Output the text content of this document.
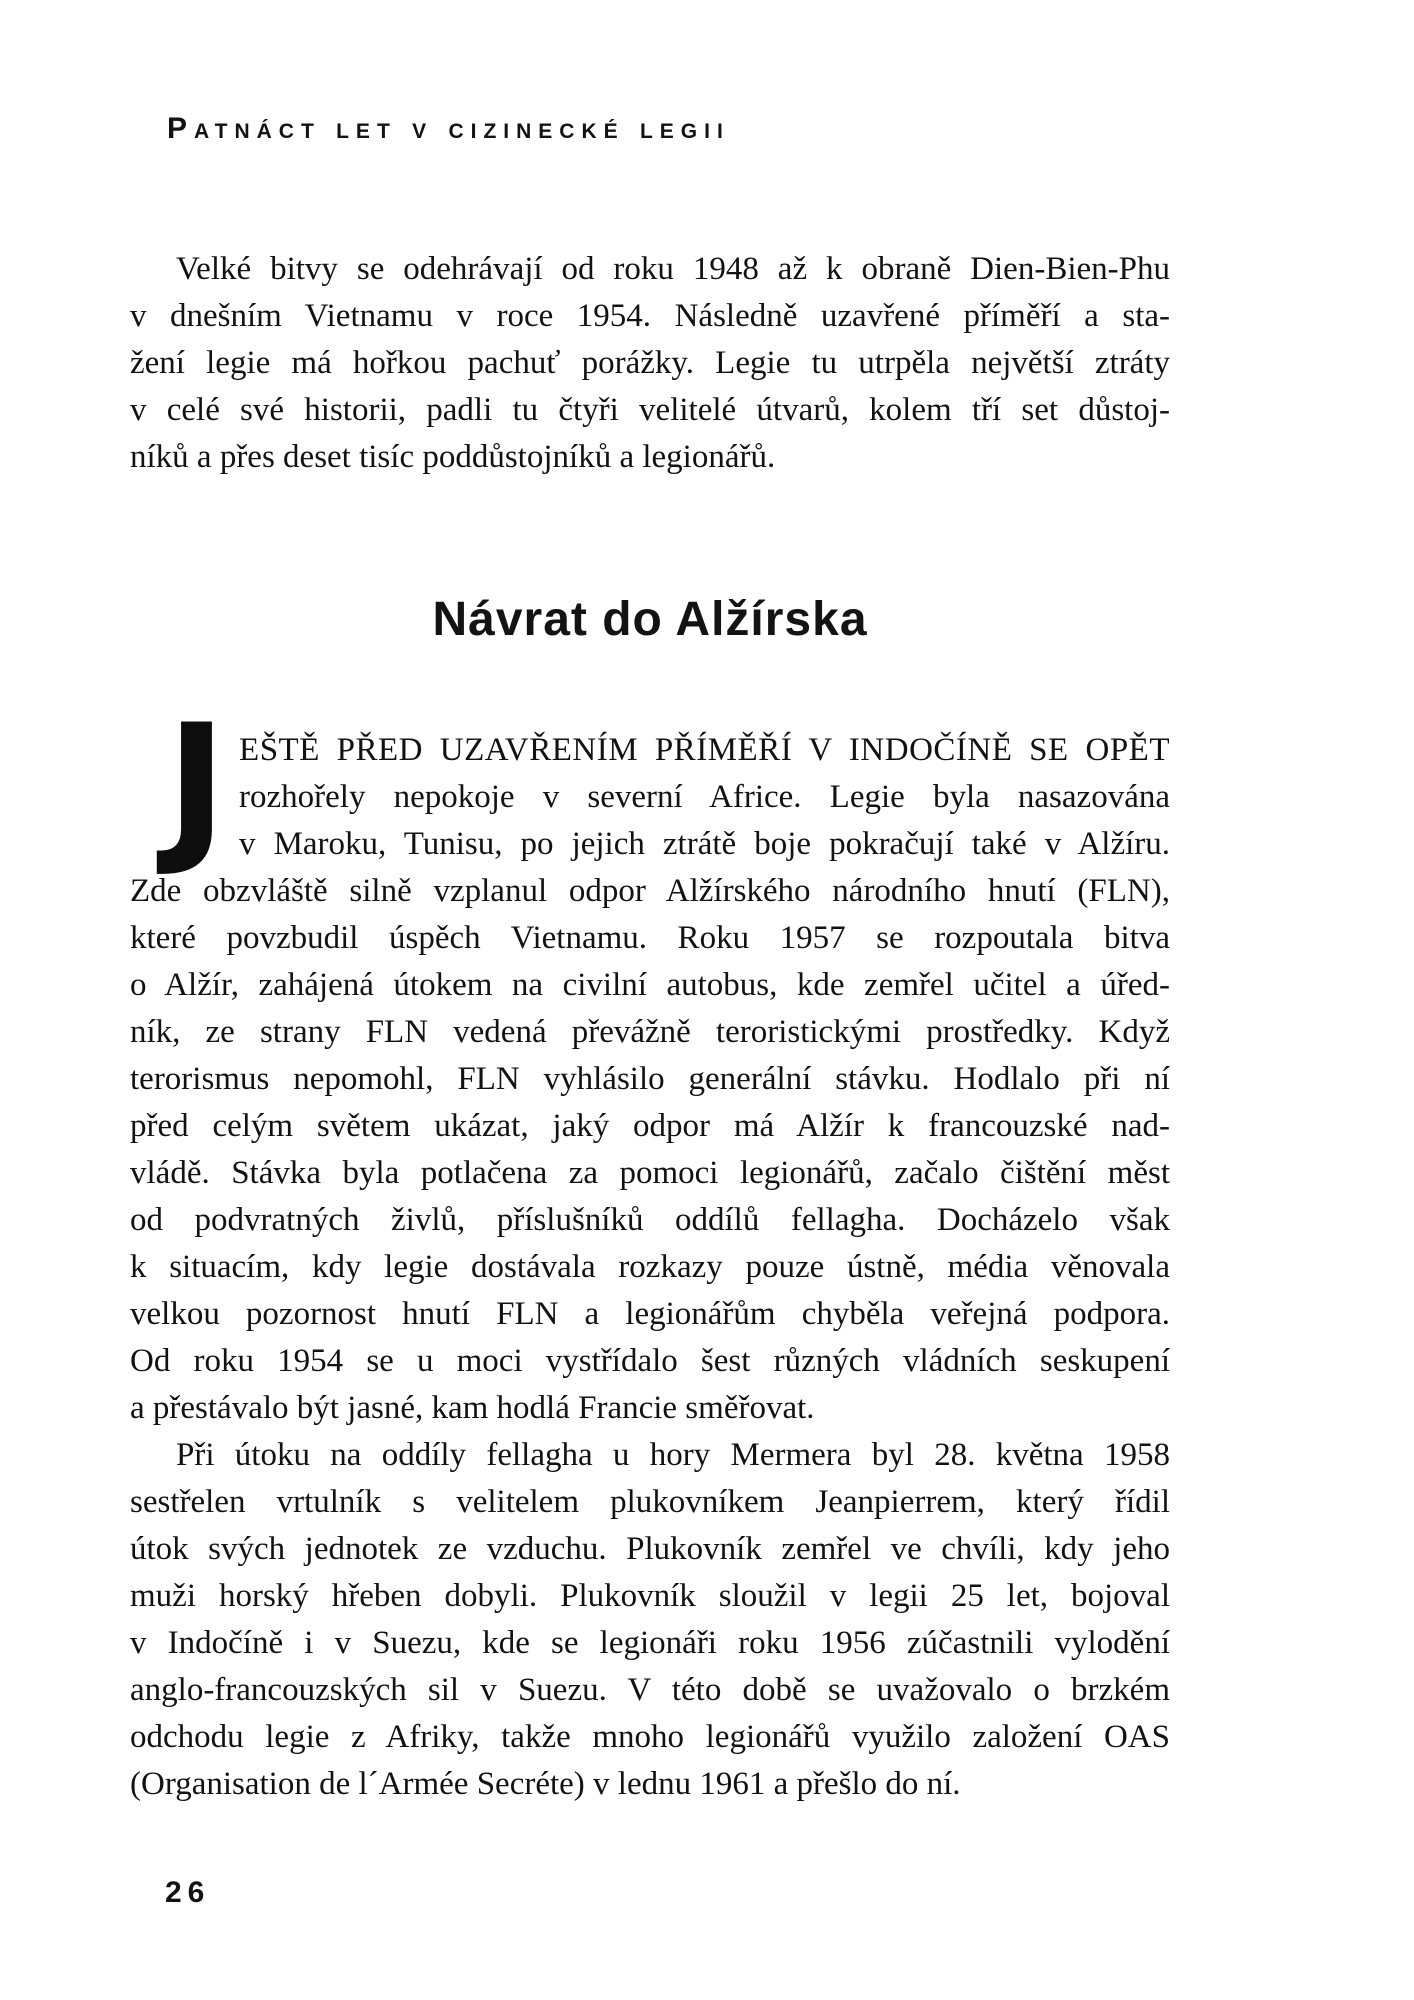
Patnáct let v cizinecké legii
Velké bitvy se odehrávají od roku 1948 až k obraně Dien-Bien-Phu
v dnešním Vietnamu v roce 1954. Následně uzavřené příměří a sta-
žení legie má hořkou pachuť porážky. Legie tu utrpěla největší ztráty
v celé své historii, padli tu čtyři velitelé útvarů, kolem tří set důstoj-
níků a přes deset tisíc poddůstojníků a legionářů.
Návrat do Alžírska
J EŠTĚ PŘED UZAVŘENÍM PŘÍMĚŘÍ V INDOČÍNĚ SE OPĚT
rozhořely nepokoje v severní Africe. Legie byla nasazována
v Maroku, Tunisu, po jejich ztrátě boje pokračují také v Alžíru.
Zde obzvláště silně vzplanul odpor Alžírského národního hnutí (FLN),
které povzbudil úspěch Vietnamu. Roku 1957 se rozpoutala bitva
o Alžír, zahájená útokem na civilní autobus, kde zemřel učitel a úřed-
ník, ze strany FLN vedená převážně teroristickými prostředky. Když
terorismus nepomohl, FLN vyhlásilo generální stávku. Hodlalo při ní
před celým světem ukázat, jaký odpor má Alžír k francouzské nad-
vládě. Stávka byla potlačena za pomoci legionářů, začalo čištění měst
od podvratných živlů, příslušníků oddílů fellagha. Docházelo však
k situacím, kdy legie dostávala rozkazy pouze ústně, média věnovala
velkou pozornost hnutí FLN a legionářům chyběla veřejná podpora.
Od roku 1954 se u moci vystřídalo šest různých vládních seskupení
a přestávalo být jasné, kam hodlá Francie směřovat.
Při útoku na oddíly fellagha u hory Mermera byl 28. května 1958
sestřelen vrtulník s velitelem plukovníkem Jeanpierrem, který řídil
útok svých jednotek ze vzduchu. Plukovník zemřel ve chvíli, kdy jeho
muži horský hřeben dobyli. Plukovník sloužil v legii 25 let, bojoval
v Indočíně i v Suezu, kde se legionáři roku 1956 zúčastnili vylodění
anglo-francouzských sil v Suezu. V této době se uvažovalo o brzkém
odchodu legie z Afriky, takže mnoho legionářů využilo založení OAS
(Organisation de l´Armée Secréte) v lednu 1961 a přešlo do ní.
26
